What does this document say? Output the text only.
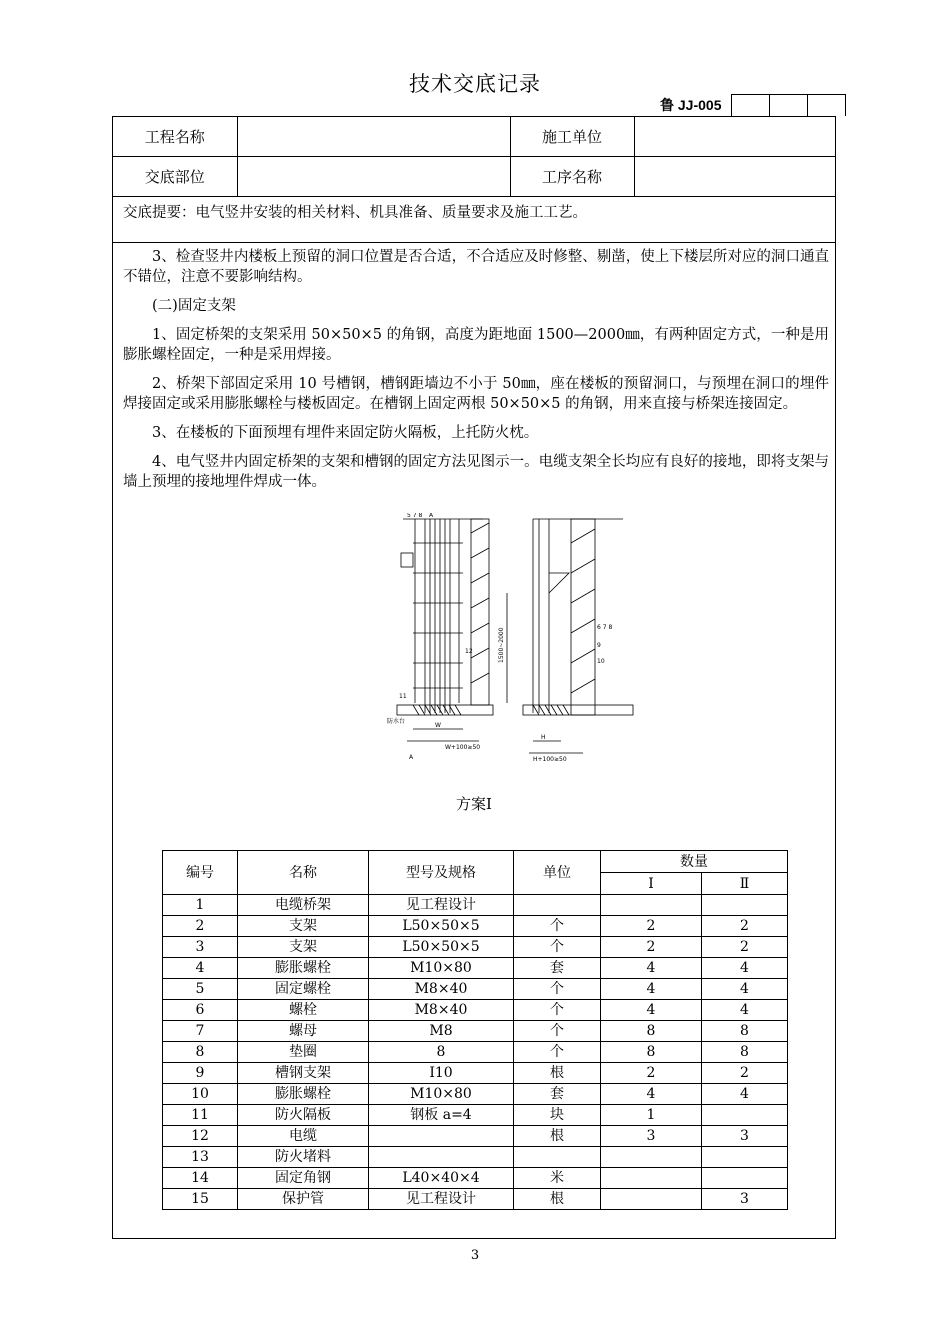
技术交底记录
鲁 JJ-005
工程名称		施工单位	
交底部位		工序名称	
交底提要：电气竖井安装的相关材料、机具准备、质量要求及施工工艺。

3、检查竖井内楼板上预留的洞口位置是否合适，不合适应及时修整、剔凿，使上下楼层所对应的洞口通直不错位，注意不要影响结构。

(二)固定支架

1、固定桥架的支架采用 50×50×5 的角钢，高度为距地面 1500—2000㎜，有两种固定方式，一种是用膨胀螺栓固定，一种是采用焊接。

2、桥架下部固定采用 10 号槽钢，槽钢距墙边不小于 50㎜，座在楼板的预留洞口，与预埋在洞口的埋件焊接固定或采用膨胀螺栓与楼板固定。在槽钢上固定两根 50×50×5 的角钢，用来直接与桥架连接固定。

3、在楼板的下面预埋有埋件来固定防火隔板，上托防火枕。

4、电气竖井内固定桥架的支架和槽钢的固定方法见图示一。电缆支架全长均应有良好的接地，即将支架与墙上预埋的接地埋件焊成一体。

5 7 8 A
12
11
防水台
W
W+100≥50
A
1500~2000	6 7 8
9
10
H
H+100≥50
方案Ⅰ
编号	名称	型号及规格	单位	数量	
				Ⅰ	Ⅱ
1	电缆桥架	见工程设计			
2	支架	L50×50×5	个	2	2
3	支架	L50×50×5	个	2	2
4	膨胀螺栓	M10×80	套	4	4
5	固定螺栓	M8×40	个	4	4
6	螺栓	M8×40	个	4	4
7	螺母	M8	个	8	8
8	垫圈	8	个	8	8
9	槽钢支架	I10	根	2	2
10	膨胀螺栓	M10×80	套	4	4
11	防火隔板	钢板 a=4	块	1	
12	电缆		根	3	3
13	防火堵料				
14	固定角钢	L40×40×4	米		
15	保护管	见工程设计	根		3
3
